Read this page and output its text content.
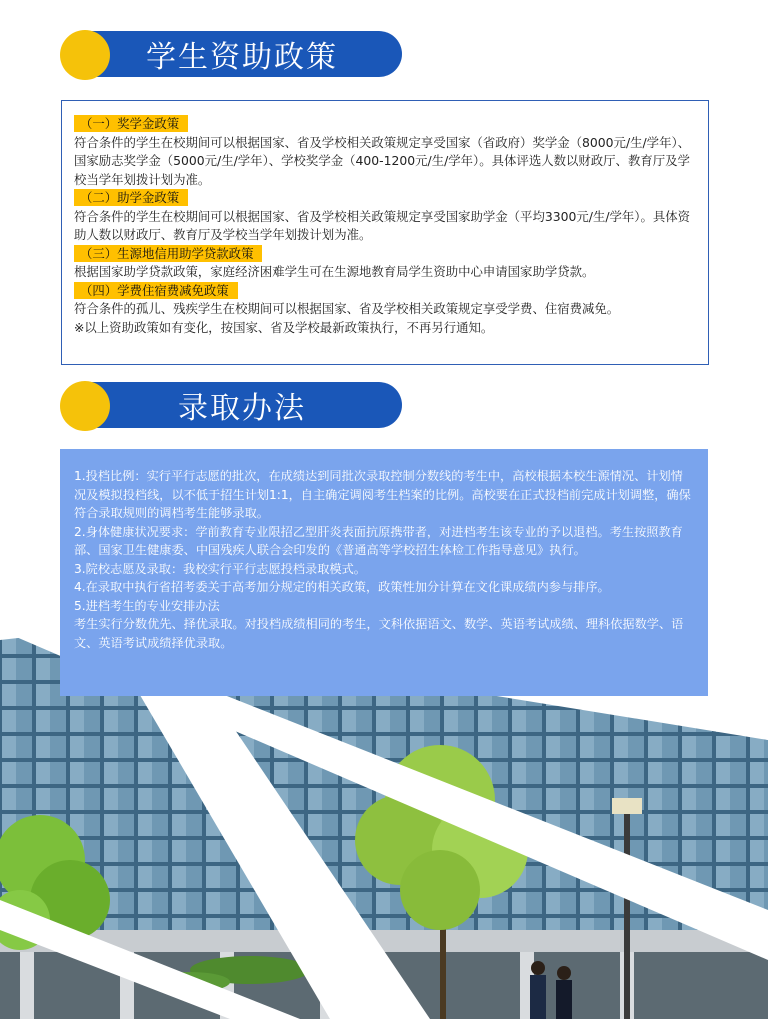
学生资助政策
（一）奖学金政策

符合条件的学生在校期间可以根据国家、省及学校相关政策规定享受国家（省政府）奖学金（8000元/生/学年）、国家励志奖学金（5000元/生/学年）、学校奖学金（400-1200元/生/学年）。具体评选人数以财政厅、教育厅及学校当学年划拨计划为准。

（二）助学金政策

符合条件的学生在校期间可以根据国家、省及学校相关政策规定享受国家助学金（平均3300元/生/学年）。具体资助人数以财政厅、教育厅及学校当学年划拨计划为准。

（三）生源地信用助学贷款政策

根据国家助学贷款政策，家庭经济困难学生可在生源地教育局学生资助中心申请国家助学贷款。

（四）学费住宿费减免政策

符合条件的孤儿、残疾学生在校期间可以根据国家、省及学校相关政策规定享受学费、住宿费减免。

※以上资助政策如有变化，按国家、省及学校最新政策执行，不再另行通知。

录取办法

1.投档比例：实行平行志愿的批次，在成绩达到同批次录取控制分数线的考生中，高校根据本校生源情况、计划情况及模拟投档线，以不低于招生计划1:1，自主确定调阅考生档案的比例。高校要在正式投档前完成计划调整，确保符合录取规则的调档考生能够录取。

2.身体健康状况要求：学前教育专业限招乙型肝炎表面抗原携带者，对进档考生该专业的予以退档。考生按照教育部、国家卫生健康委、中国残疾人联合会印发的《普通高等学校招生体检工作指导意见》执行。

3.院校志愿及录取：我校实行平行志愿投档录取模式。

4.在录取中执行省招考委关于高考加分规定的相关政策，政策性加分计算在文化课成绩内参与排序。

5.进档考生的专业安排办法

考生实行分数优先、择优录取。对投档成绩相同的考生，文科依据语文、数学、英语考试成绩、理科依据数学、语文、英语考试成绩择优录取。
